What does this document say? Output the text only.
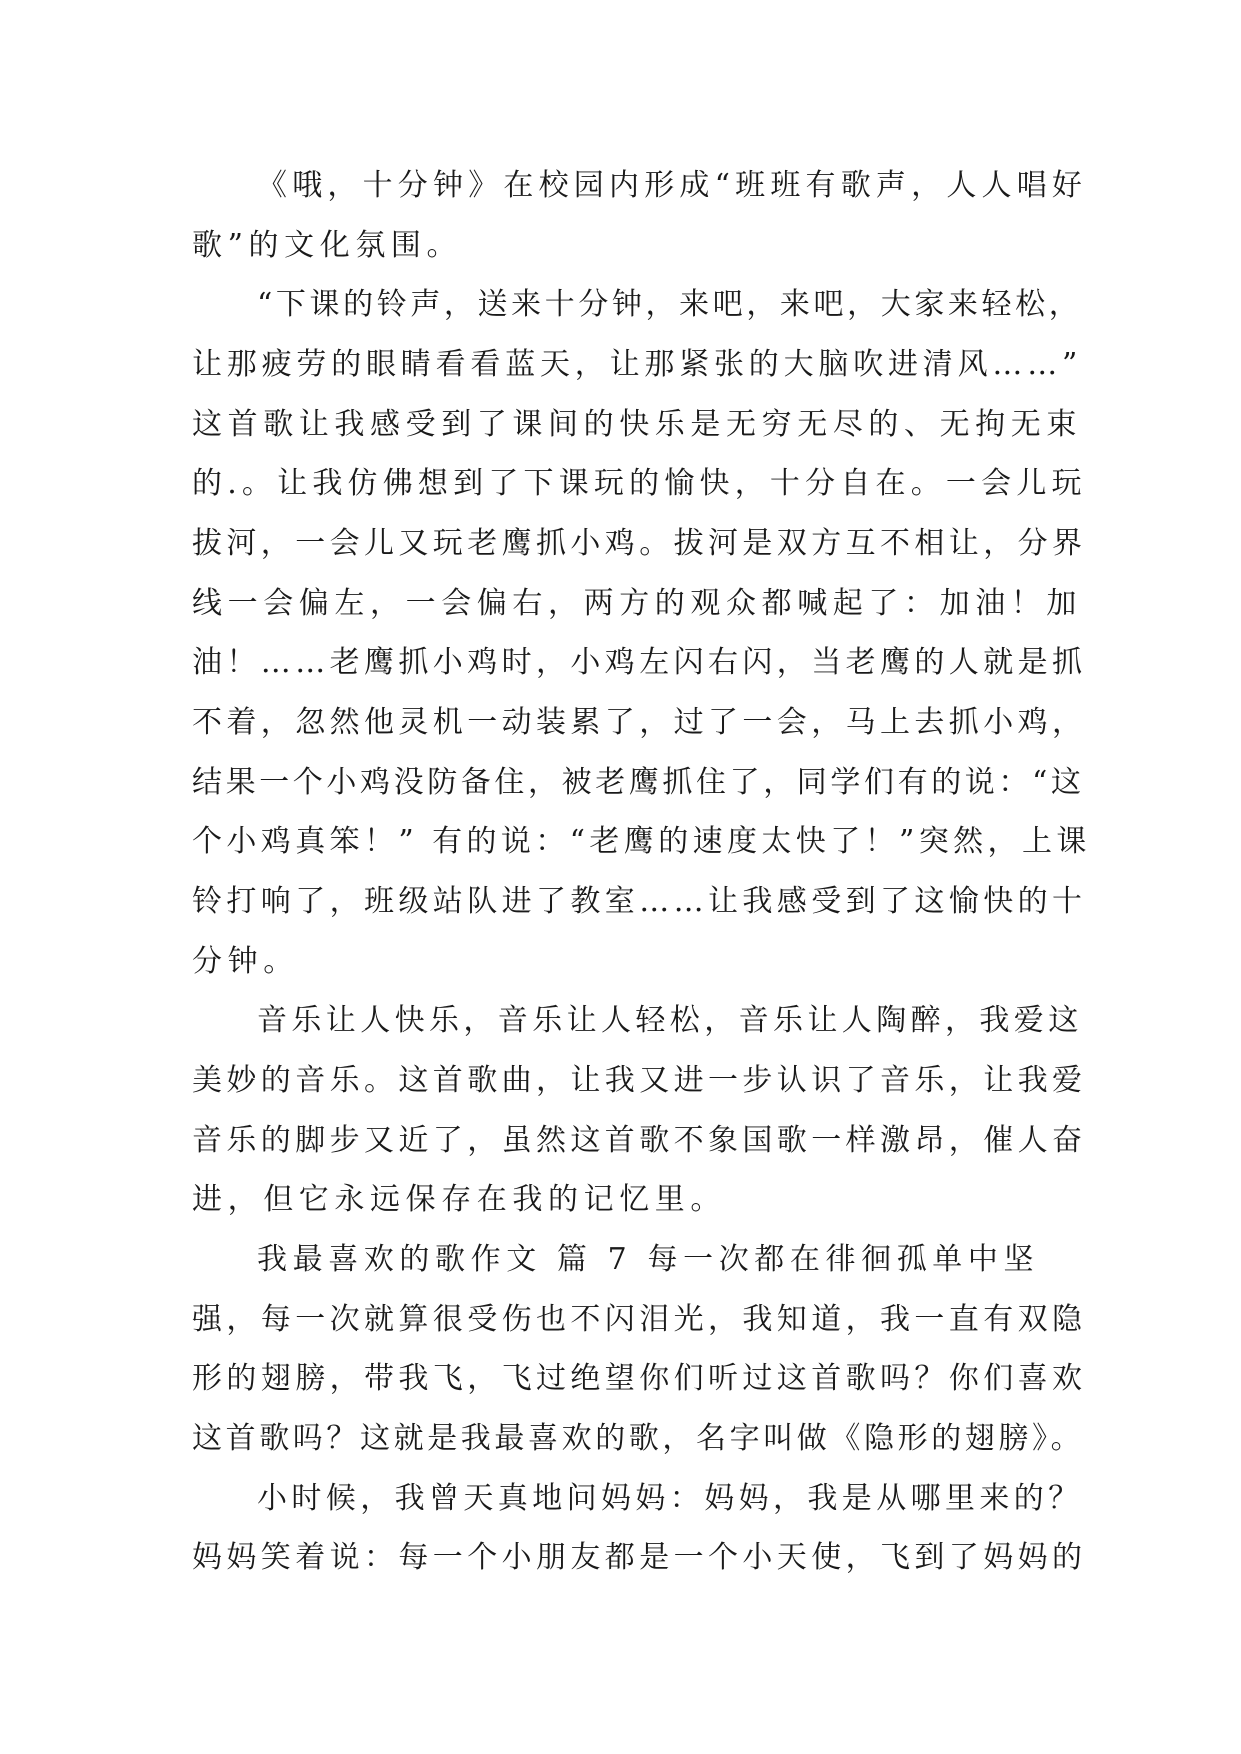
《哦，十分钟》在校园内形成“班班有歌声，人人唱好
歌”的文化氛围。
“下课的铃声，送来十分钟，来吧，来吧，大家来轻松，
让那疲劳的眼睛看看蓝天，让那紧张的大脑吹进清风……”
这首歌让我感受到了课间的快乐是无穷无尽的、无拘无束
的.。让我仿佛想到了下课玩的愉快，十分自在。一会儿玩
拔河，一会儿又玩老鹰抓小鸡。拔河是双方互不相让，分界
线一会偏左，一会偏右，两方的观众都喊起了：加油！加
油！……老鹰抓小鸡时，小鸡左闪右闪，当老鹰的人就是抓
不着，忽然他灵机一动装累了，过了一会，马上去抓小鸡，
结果一个小鸡没防备住，被老鹰抓住了，同学们有的说：“这
个小鸡真笨！” 有的说：“老鹰的速度太快了！”突然，上课
铃打响了，班级站队进了教室……让我感受到了这愉快的十
分钟。
音乐让人快乐，音乐让人轻松，音乐让人陶醉，我爱这
美妙的音乐。这首歌曲，让我又进一步认识了音乐，让我爱
音乐的脚步又近了，虽然这首歌不象国歌一样激昂，催人奋
进，但它永远保存在我的记忆里。
我最喜欢的歌作文 篇 7 每一次都在徘徊孤单中坚
强，每一次就算很受伤也不闪泪光，我知道，我一直有双隐
形的翅膀，带我飞，飞过绝望你们听过这首歌吗？你们喜欢
这首歌吗？这就是我最喜欢的歌，名字叫做《隐形的翅膀》。
小时候，我曾天真地问妈妈：妈妈，我是从哪里来的？
妈妈笑着说：每一个小朋友都是一个小天使，飞到了妈妈的
